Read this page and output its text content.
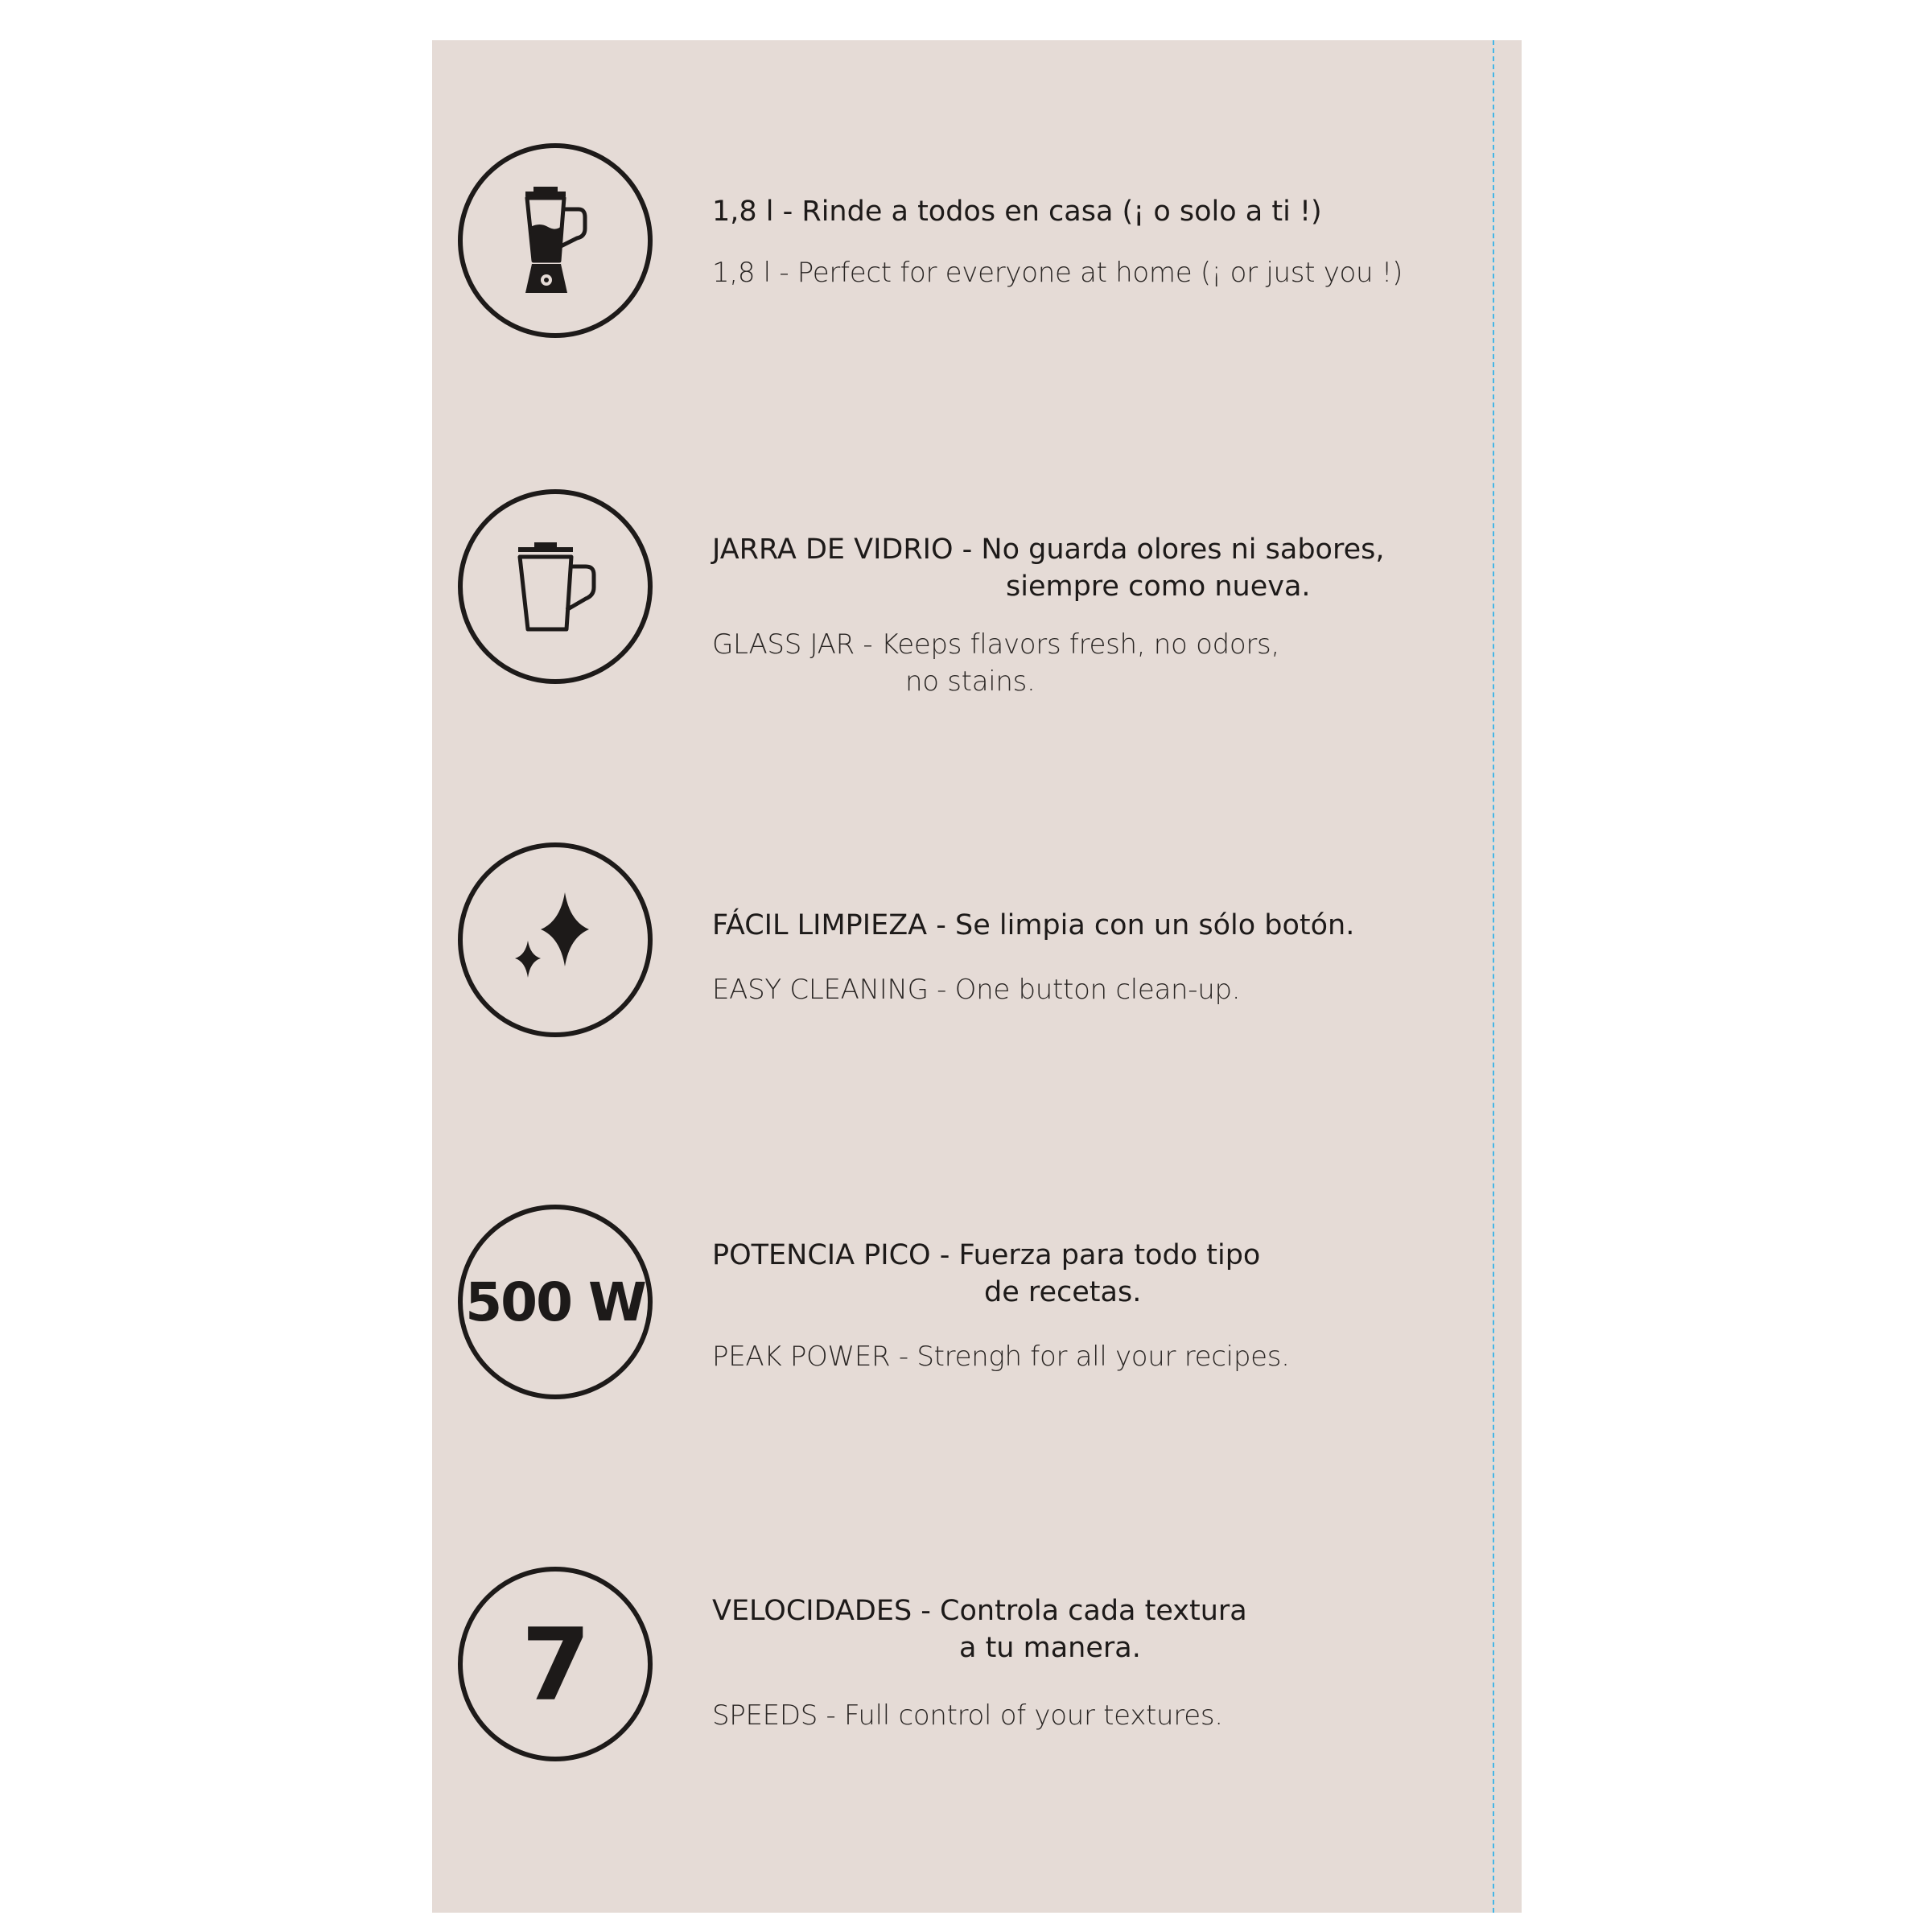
1,8 l - Rinde a todos en casa (¡ o solo a ti !)
1,8 l - Perfect for everyone at home (¡ or just you !)
JARRA DE VIDRIO - No guarda olores ni sabores,
siempre como nueva.
GLASS JAR - Keeps flavors fresh, no odors,
no stains.
FÁCIL LIMPIEZA - Se limpia con un sólo botón.
EASY CLEANING - One button clean-up.
500 W
POTENCIA PICO - Fuerza para todo tipo
de recetas.
PEAK POWER - Strengh for all your recipes.
7	VELOCIDADES - Controla cada textura
a tu manera.
SPEEDS - Full control of your textures.
